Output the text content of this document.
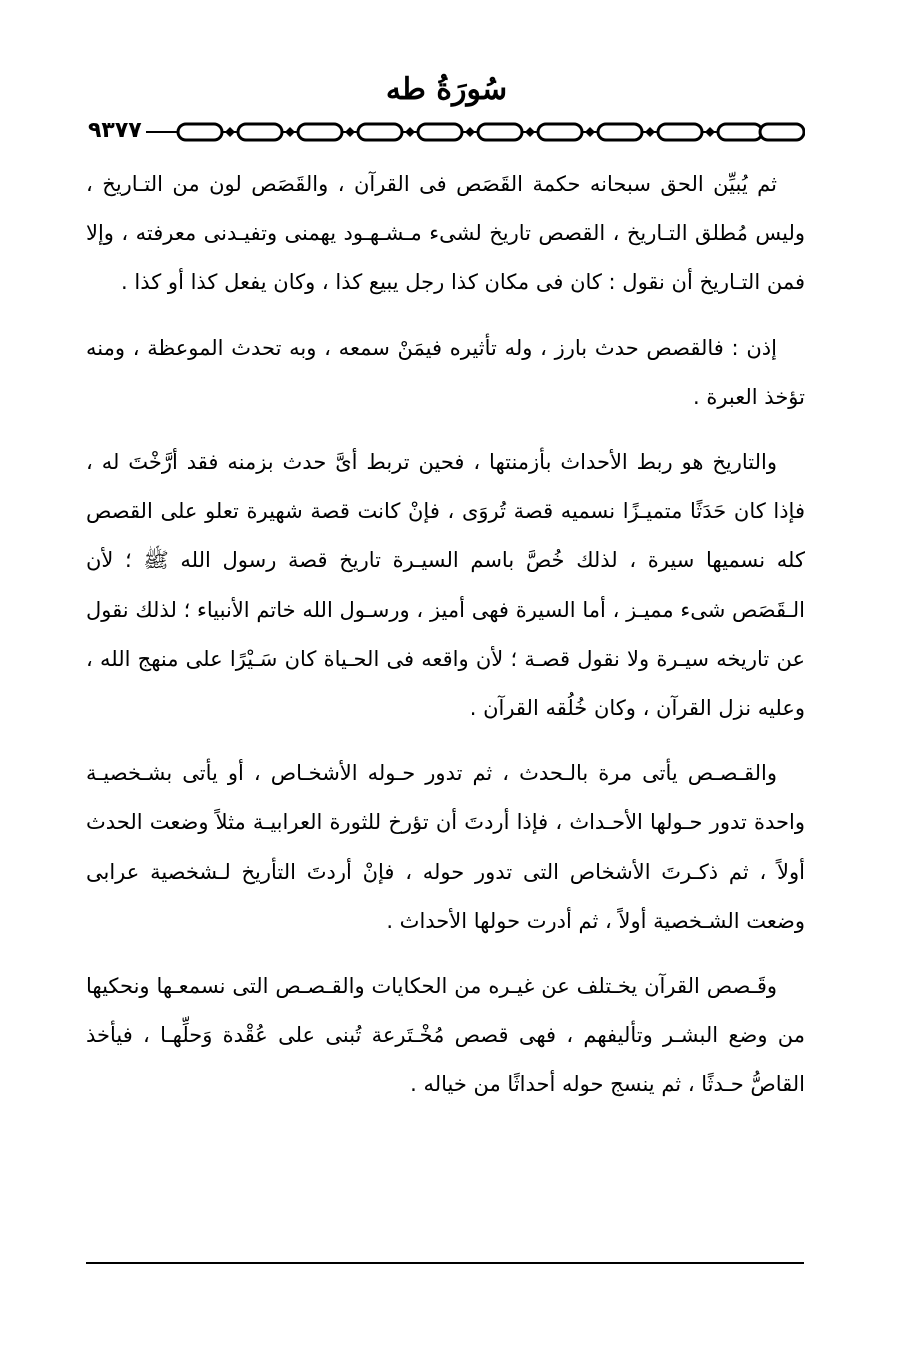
سُورَةُ طه
٩٣٧٧

ثم يُبيِّن الحق سبحانه حكمة القَصَص فى القرآن ، والقَصَص لون من التـاريخ ، وليس مُطلق التـاريخ ، القصص تاريخ لشىء مـشـهـود يهمنى وتفيـدنى معرفته ، وإلا فمن التـاريخ أن نقول : كان فى مكان كذا رجل يبيع كذا ، وكان يفعل كذا أو كذا .

إذن : فالقصص حدث بارز ، وله تأثيره فيمَنْ سمعه ، وبه تحدث الموعظة ، ومنه تؤخذ العبرة .

والتاريخ هو ربط الأحداث بأزمنتها ، فحين تربط أىَّ حدث بزمنه فقد أرَّخْتَ له ، فإذا كان حَدَثًا متميـزًا نسميه قصة تُروَى ، فإنْ كانت قصة شهيرة تعلو على القصص كله نسميها سيرة ، لذلك خُصَّ باسم السيـرة تاريخ قصة رسول الله ﷺ ؛ لأن الـقَصَص شىء مميـز ، أما السيرة فهى أميز ، ورسـول الله خاتم الأنبياء ؛ لذلك نقول عن تاريخه سيـرة ولا نقول قصـة ؛ لأن واقعه فى الحـياة كان سَـيْرًا على منهج الله ، وعليه نزل القرآن ، وكان خُلُقه القرآن .

والقـصـص يأتى مرة بالـحدث ، ثم تدور حـوله الأشخـاص ، أو يأتى بشـخصيـة واحدة تدور حـولها الأحـداث ، فإذا أردتَ أن تؤرخ للثورة العرابيـة مثلاً وضعت الحدث أولاً ، ثم ذكـرتَ الأشخاص التى تدور حوله ، فإنْ أردتَ التأريخ لـشخصية عرابى وضعت الشـخصية أولاً ، ثم أدرت حولها الأحداث .

وقَـصص القرآن يخـتلف عن غيـره من الحكايات والقـصـص التى نسمعـها ونحكيها من وضع البشـر وتأليفهم ، فهى قصص مُخْـتَرعة تُبنى على عُقْدة وَحلِّهـا ، فيأخذ القاصُّ حـدثًا ، ثم ينسج حوله أحداثًا من خياله .
